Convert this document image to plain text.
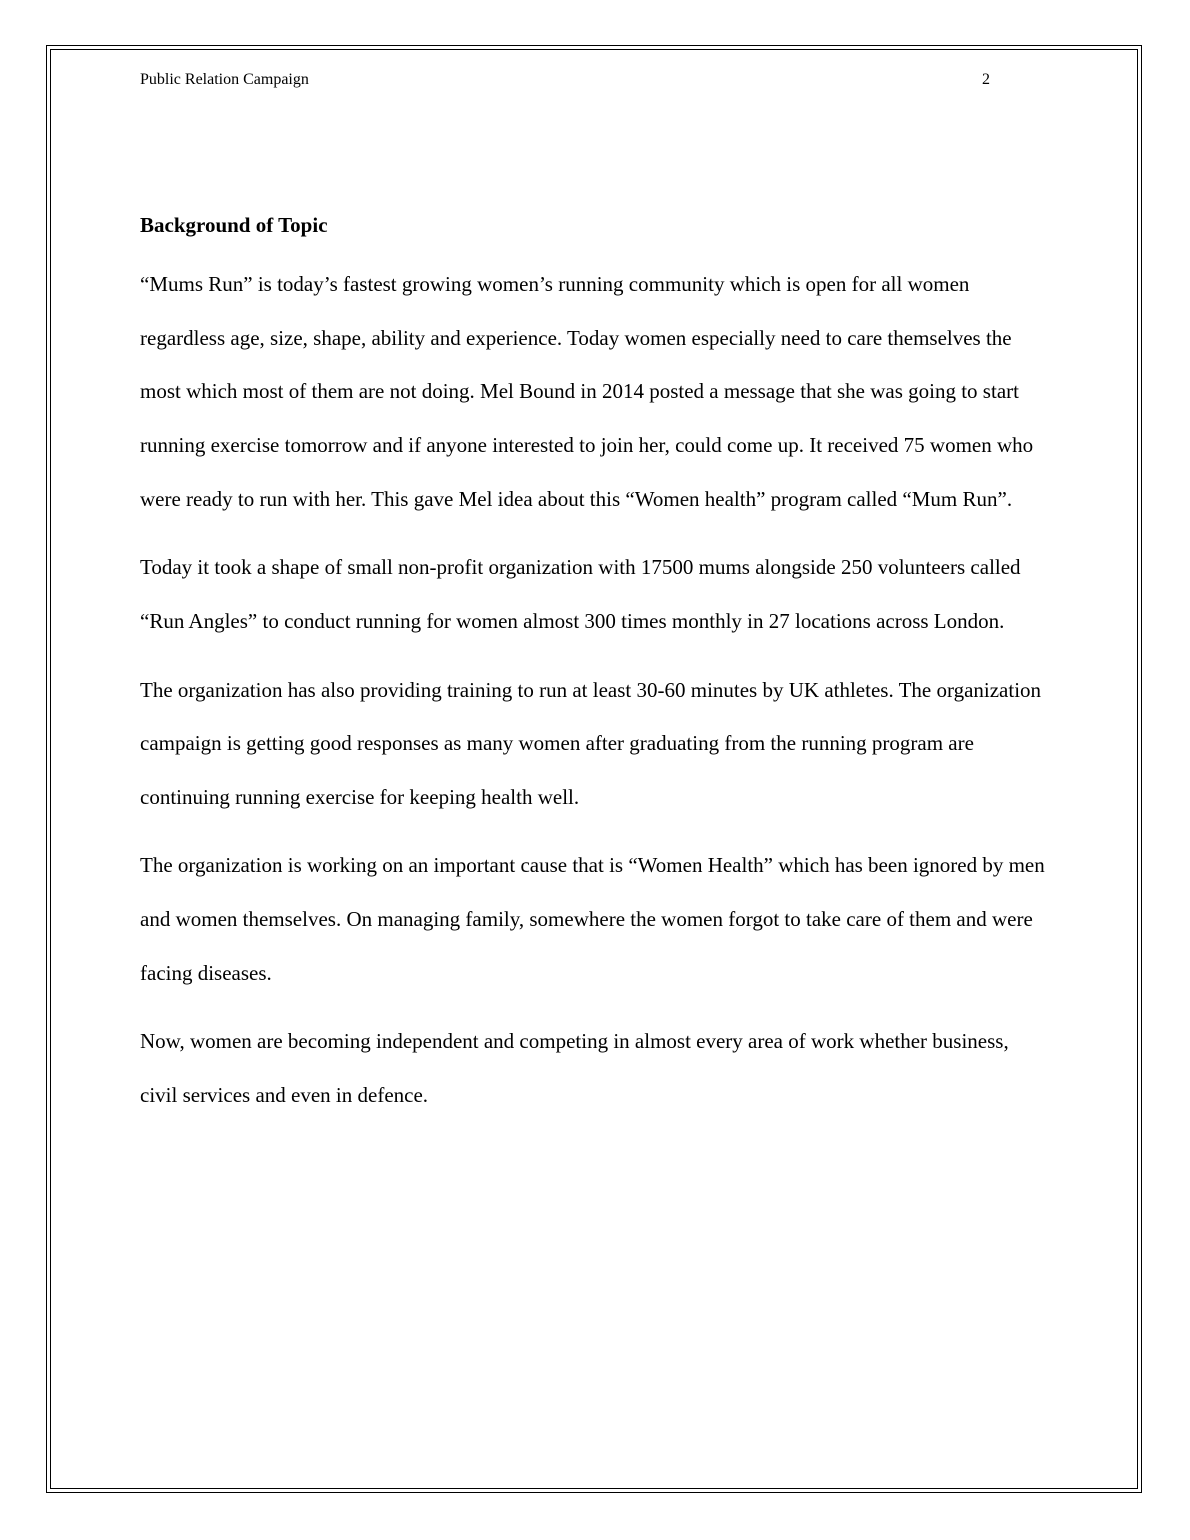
Public Relation Campaign	2
Background of Topic

“Mums Run” is today’s fastest growing women’s running community which is open for all women regardless age, size, shape, ability and experience. Today women especially need to care themselves the most which most of them are not doing. Mel Bound in 2014 posted a message that she was going to start running exercise tomorrow and if anyone interested to join her, could come up. It received 75 women who were ready to run with her. This gave Mel idea about this “Women health” program called “Mum Run”.

Today it took a shape of small non-profit organization with 17500 mums alongside 250 volunteers called “Run Angles” to conduct running for women almost 300 times monthly in 27 locations across London.

The organization has also providing training to run at least 30-60 minutes by UK athletes. The organization campaign is getting good responses as many women after graduating from the running program are continuing running exercise for keeping health well.

The organization is working on an important cause that is “Women Health” which has been ignored by men and women themselves. On managing family, somewhere the women forgot to take care of them and were facing diseases.

Now, women are becoming independent and competing in almost every area of work whether business, civil services and even in defence.
